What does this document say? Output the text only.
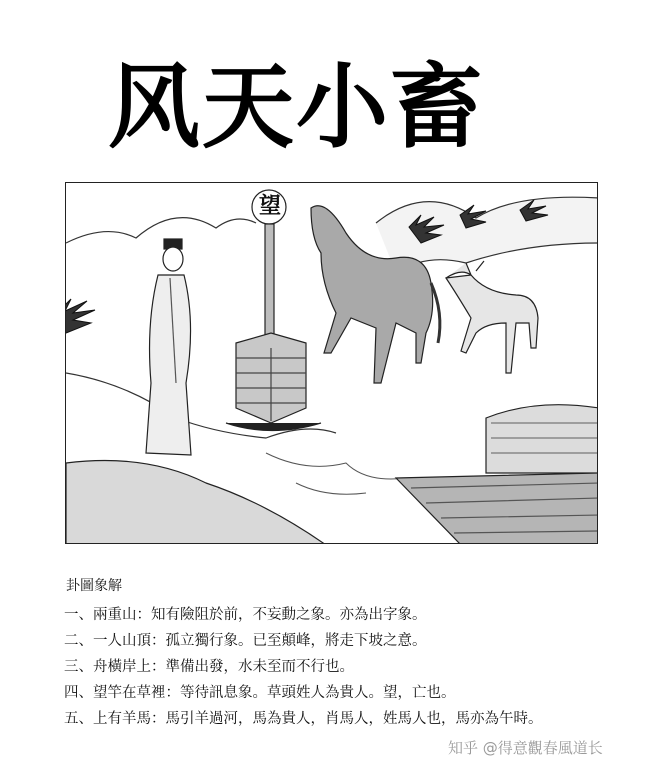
风天小畜
望
卦圖象解
一、兩重山：知有險阻於前，不妄動之象。亦為出字象。
二、一人山頂：孤立獨行象。已至顛峰，將走下坡之意。
三、舟橫岸上：準備出發，水未至而不行也。
四、望竿在草裡：等待訊息象。草頭姓人為貴人。望，亡也。
五、上有羊馬：馬引羊過河，馬為貴人，肖馬人，姓馬人也，馬亦為午時。
知乎 @得意觀春風道长
